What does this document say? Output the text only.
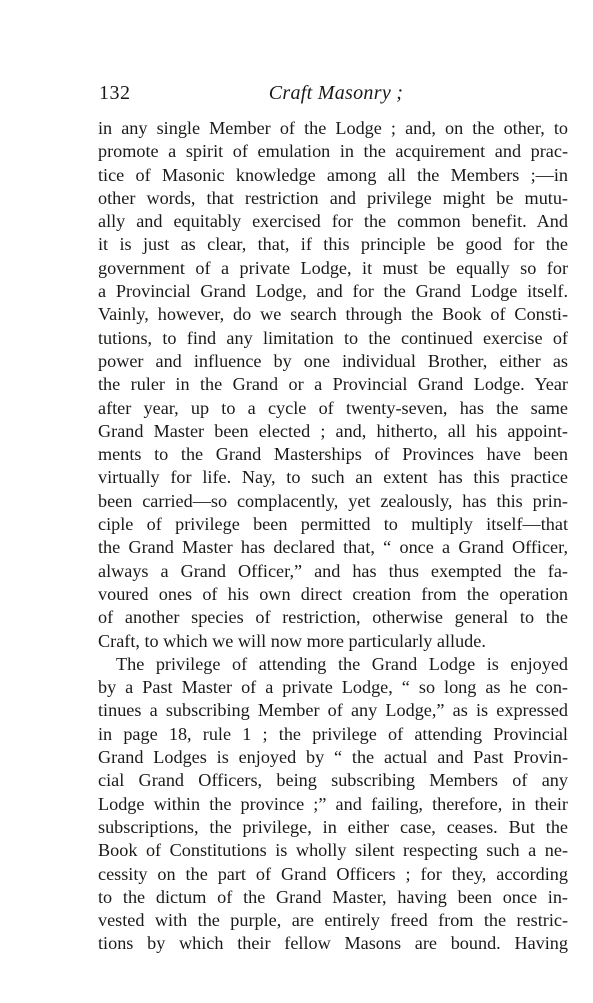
132	Craft Masonry ;
in any single Member of the Lodge ; and, on the other, to
promote a spirit of emulation in the acquirement and prac-
tice of Masonic knowledge among all the Members ;—in
other words, that restriction and privilege might be mutu-
ally and equitably exercised for the common benefit. And
it is just as clear, that, if this principle be good for the
government of a private Lodge, it must be equally so for
a Provincial Grand Lodge, and for the Grand Lodge itself.
Vainly, however, do we search through the Book of Consti-
tutions, to find any limitation to the continued exercise of
power and influence by one individual Brother, either as
the ruler in the Grand or a Provincial Grand Lodge. Year
after year, up to a cycle of twenty-seven, has the same
Grand Master been elected ; and, hitherto, all his appoint-
ments to the Grand Masterships of Provinces have been
virtually for life. Nay, to such an extent has this practice
been carried—so complacently, yet zealously, has this prin-
ciple of privilege been permitted to multiply itself—that
the Grand Master has declared that, “ once a Grand Officer,
always a Grand Officer,” and has thus exempted the fa-
voured ones of his own direct creation from the operation
of another species of restriction, otherwise general to the
Craft, to which we will now more particularly allude.
The privilege of attending the Grand Lodge is enjoyed
by a Past Master of a private Lodge, “ so long as he con-
tinues a subscribing Member of any Lodge,” as is expressed
in page 18, rule 1 ; the privilege of attending Provincial
Grand Lodges is enjoyed by “ the actual and Past Provin-
cial Grand Officers, being subscribing Members of any
Lodge within the province ;” and failing, therefore, in their
subscriptions, the privilege, in either case, ceases. But the
Book of Constitutions is wholly silent respecting such a ne-
cessity on the part of Grand Officers ; for they, according
to the dictum of the Grand Master, having been once in-
vested with the purple, are entirely freed from the restric-
tions by which their fellow Masons are bound. Having
